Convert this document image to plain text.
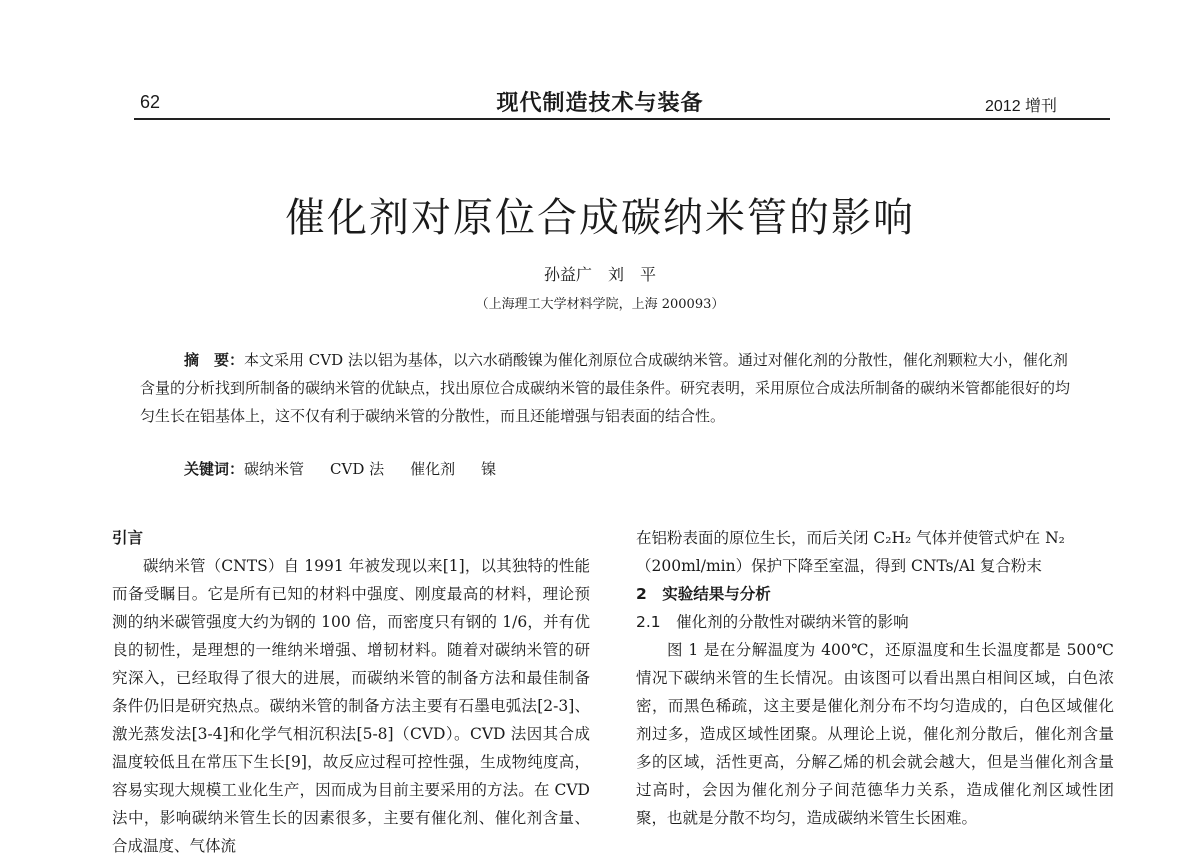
62	现代制造技术与装备	2012 增刊
催化剂对原位合成碳纳米管的影响
孙益广　刘　平
（上海理工大学材料学院，上海 200093）
摘　要：本文采用 CVD 法以铝为基体，以六水硝酸镍为催化剂原位合成碳纳米管。通过对催化剂的分散性，催化剂颗粒大小，催化剂含量的分析找到所制备的碳纳米管的优缺点，找出原位合成碳纳米管的最佳条件。研究表明，采用原位合成法所制备的碳纳米管都能很好的均匀生长在铝基体上，这不仅有利于碳纳米管的分散性，而且还能增强与铝表面的结合性。
关键词：碳纳米管 CVD 法 催化剂 镍
引言

碳纳米管（CNTS）自 1991 年被发现以来[1]，以其独特的性能而备受瞩目。它是所有已知的材料中强度、刚度最高的材料，理论预测的纳米碳管强度大约为钢的 100 倍，而密度只有钢的 1/6，并有优良的韧性，是理想的一维纳米增强、增韧材料。随着对碳纳米管的研究深入，已经取得了很大的进展，而碳纳米管的制备方法和最佳制备条件仍旧是研究热点。碳纳米管的制备方法主要有石墨电弧法[2-3]、激光蒸发法[3-4]和化学气相沉积法[5-8]（CVD）。CVD 法因其合成温度较低且在常压下生长[9]，故反应过程可控性强，生成物纯度高，容易实现大规模工业化生产，因而成为目前主要采用的方法。在 CVD 法中，影响碳纳米管生长的因素很多，主要有催化剂、催化剂含量、合成温度、气体流

在铝粉表面的原位生长，而后关闭 C₂H₂ 气体并使管式炉在 N₂

（200ml/min）保护下降至室温，得到 CNTs/Al 复合粉末

2　实验结果与分析
2.1　催化剂的分散性对碳纳米管的影响

图 1 是在分解温度为 400℃，还原温度和生长温度都是 500℃情况下碳纳米管的生长情况。由该图可以看出黑白相间区域，白色浓密，而黑色稀疏，这主要是催化剂分布不均匀造成的，白色区域催化剂过多，造成区域性团聚。从理论上说，催化剂分散后，催化剂含量多的区域，活性更高，分解乙烯的机会就会越大，但是当催化剂含量过高时，会因为催化剂分子间范德华力关系，造成催化剂区域性团聚，也就是分散不均匀，造成碳纳米管生长困难。
